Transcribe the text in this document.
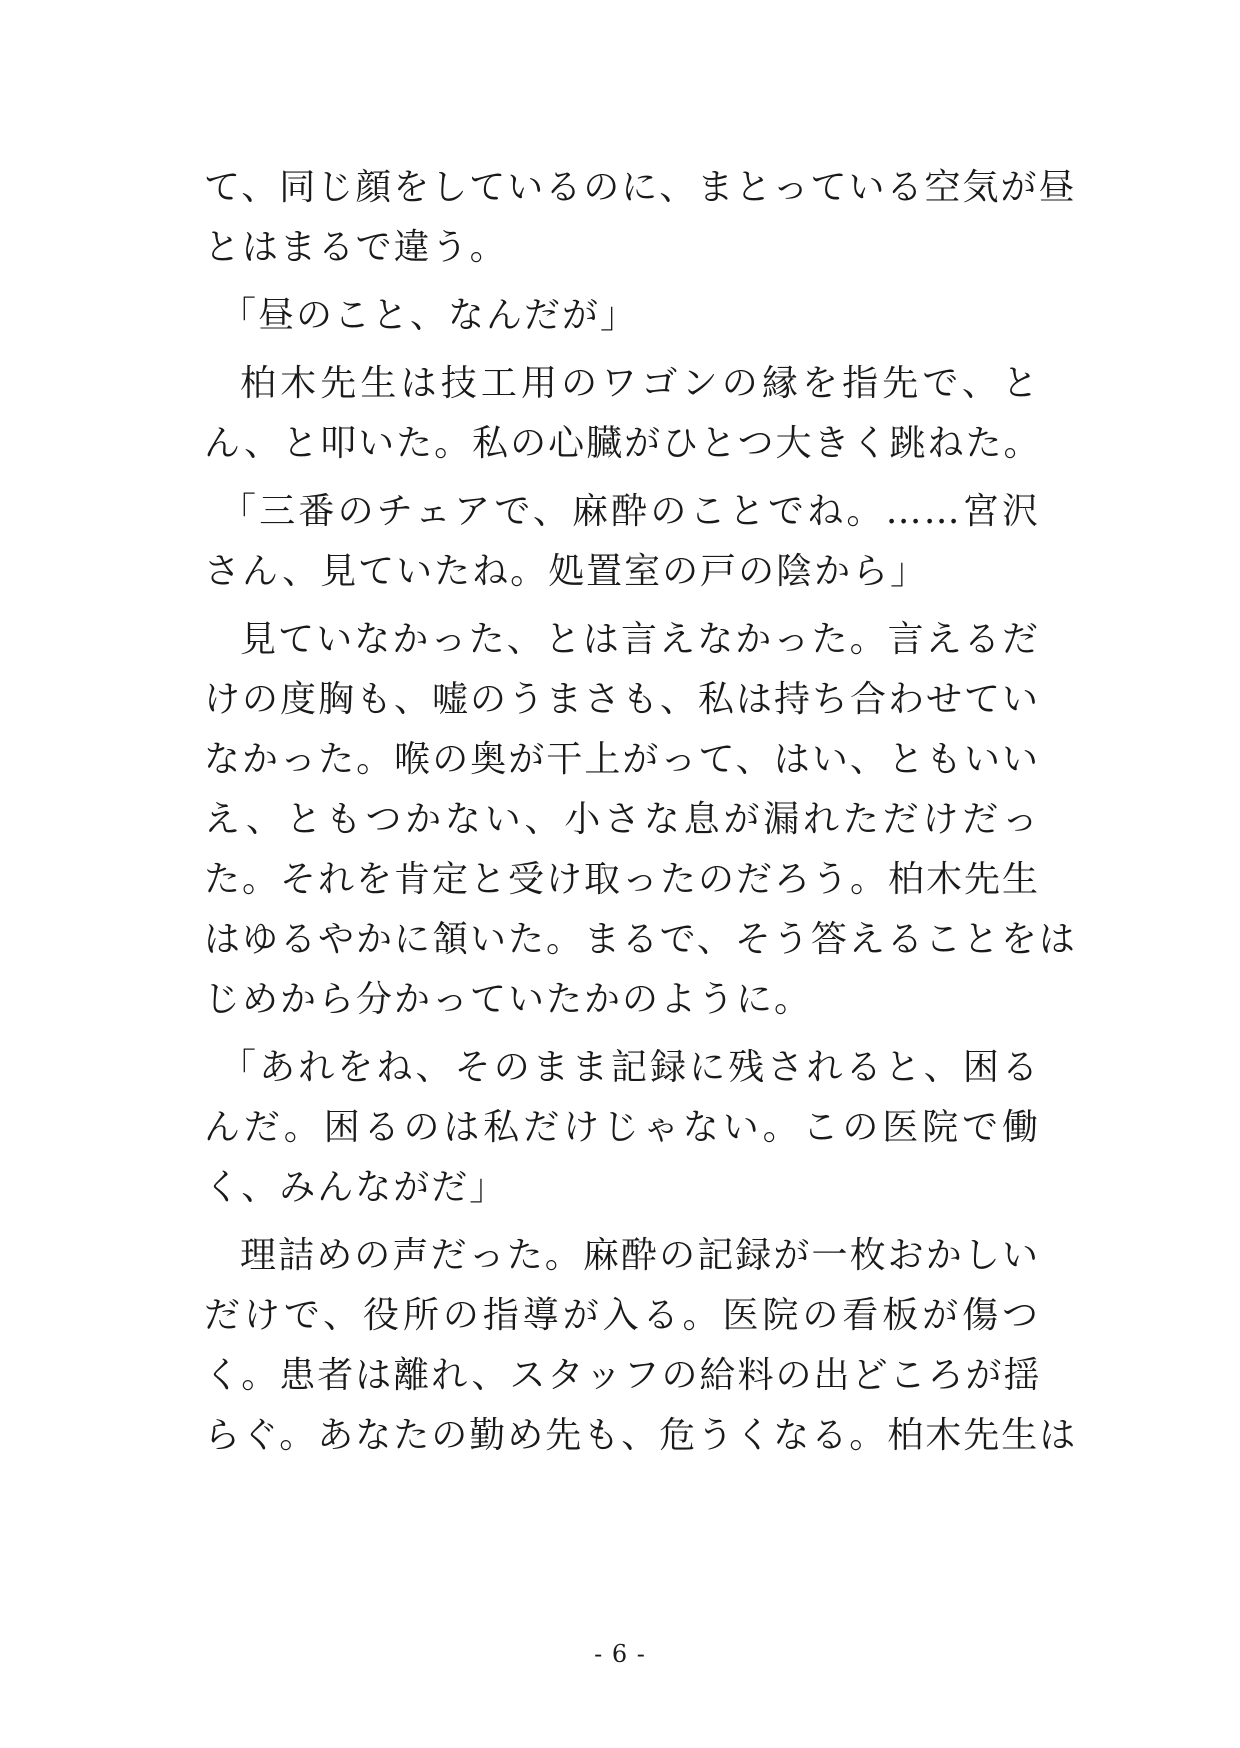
て、同じ顔をしているのに、まとっている空気が昼

とはまるで違う。

「昼のこと、なんだが」

柏木先生は技工用のワゴンの縁を指先で、と

ん、と叩いた。私の心臓がひとつ大きく跳ねた。

「三番のチェアで、麻酔のことでね。……宮沢

さん、見ていたね。処置室の戸の陰から」

見ていなかった、とは言えなかった。言えるだ

けの度胸も、嘘のうまさも、私は持ち合わせてい

なかった。喉の奥が干上がって、はい、ともいい

え、ともつかない、小さな息が漏れただけだっ

た。それを肯定と受け取ったのだろう。柏木先生

はゆるやかに頷いた。まるで、そう答えることをは

じめから分かっていたかのように。

「あれをね、そのまま記録に残されると、困る

んだ。困るのは私だけじゃない。この医院で働

く、みんながだ」

理詰めの声だった。麻酔の記録が一枚おかしい

だけで、役所の指導が入る。医院の看板が傷つ

く。患者は離れ、スタッフの給料の出どころが揺

らぐ。あなたの勤め先も、危うくなる。柏木先生は

- 6 -
